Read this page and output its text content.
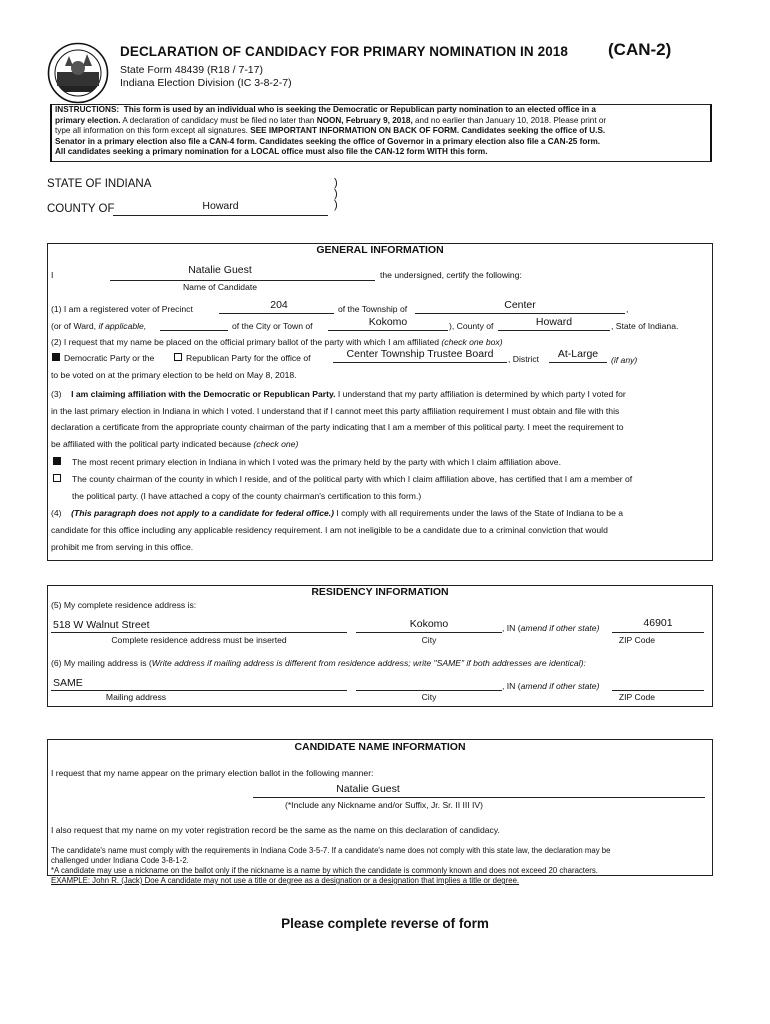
DECLARATION OF CANDIDACY FOR PRIMARY NOMINATION IN 2018 (CAN-2)
State Form 48439 (R18 / 7-17)
Indiana Election Division (IC 3-8-2-7)
INSTRUCTIONS: This form is used by an individual who is seeking the Democratic or Republican party nomination to an elected office in a
primary election. A declaration of candidacy must be filed no later than NOON, February 9, 2018, and no earlier than January 10, 2018. Please print or
type all information on this form except all signatures. SEE IMPORTANT INFORMATION ON BACK OF FORM. Candidates seeking the office of U.S.
Senator in a primary election also file a CAN-4 form. Candidates seeking the office of Governor in a primary election also file a CAN-25 form.
All candidates seeking a primary nomination for a LOCAL office must also file the CAN-12 form WITH this form.
STATE OF INDIANA
COUNTY OF	Howard
)
)
)
GENERAL INFORMATION
I	Natalie Guest	the undersigned, certify the following:
Name of Candidate
(1) I am a registered voter of Precinct	204	of the Township of	Center	,
(or of Ward, if applicable,	of the City or Town of	Kokomo	), County of	Howard	, State of Indiana.
(2) I request that my name be placed on the official primary ballot of the party with which I am affiliated (check one box)
Democratic Party or the	Republican Party for the office of	Center Township Trustee Board	, District	At-Large	(if any)
to be voted on at the primary election to be held on May 8, 2018.
(3) I am claiming affiliation with the Democratic or Republican Party. I understand that my party affiliation is determined by which party I voted for
in the last primary election in Indiana in which I voted. I understand that if I cannot meet this party affiliation requirement I must obtain and file with this
declaration a certificate from the appropriate county chairman of the party indicating that I am a member of this political party. I meet the requirement to
be affiliated with the political party indicated because (check one)
The most recent primary election in Indiana in which I voted was the primary held by the party with which I claim affiliation above.
The county chairman of the county in which I reside, and of the political party with which I claim affiliation above, has certified that I am a member of
the political party. (I have attached a copy of the county chairman's certification to this form.)
(4) (This paragraph does not apply to a candidate for federal office.) I comply with all requirements under the laws of the State of Indiana to be a
candidate for this office including any applicable residency requirement. I am not ineligible to be a candidate due to a criminal conviction that would
prohibit me from serving in this office.
RESIDENCY INFORMATION
(5) My complete residence address is:
518 W Walnut Street	Kokomo	, IN (amend if other state)	46901
Complete residence address must be inserted	City	ZIP Code
(6) My mailing address is (Write address if mailing address is different from residence address; write "SAME" if both addresses are identical):
SAME	, IN (amend if other state)
Mailing address	City	ZIP Code
CANDIDATE NAME INFORMATION
I request that my name appear on the primary election ballot in the following manner:
Natalie Guest
(*Include any Nickname and/or Suffix, Jr. Sr. II III IV)
I also request that my name on my voter registration record be the same as the name on this declaration of candidacy.
The candidate's name must comply with the requirements in Indiana Code 3-5-7. If a candidate's name does not comply with this state law, the declaration may be
challenged under Indiana Code 3-8-1-2.
*A candidate may use a nickname on the ballot only if the nickname is a name by which the candidate is commonly known and does not exceed 20 characters.
EXAMPLE: John R. (Jack) Doe A candidate may not use a title or degree as a designation or a designation that implies a title or degree.
Please complete reverse of form
